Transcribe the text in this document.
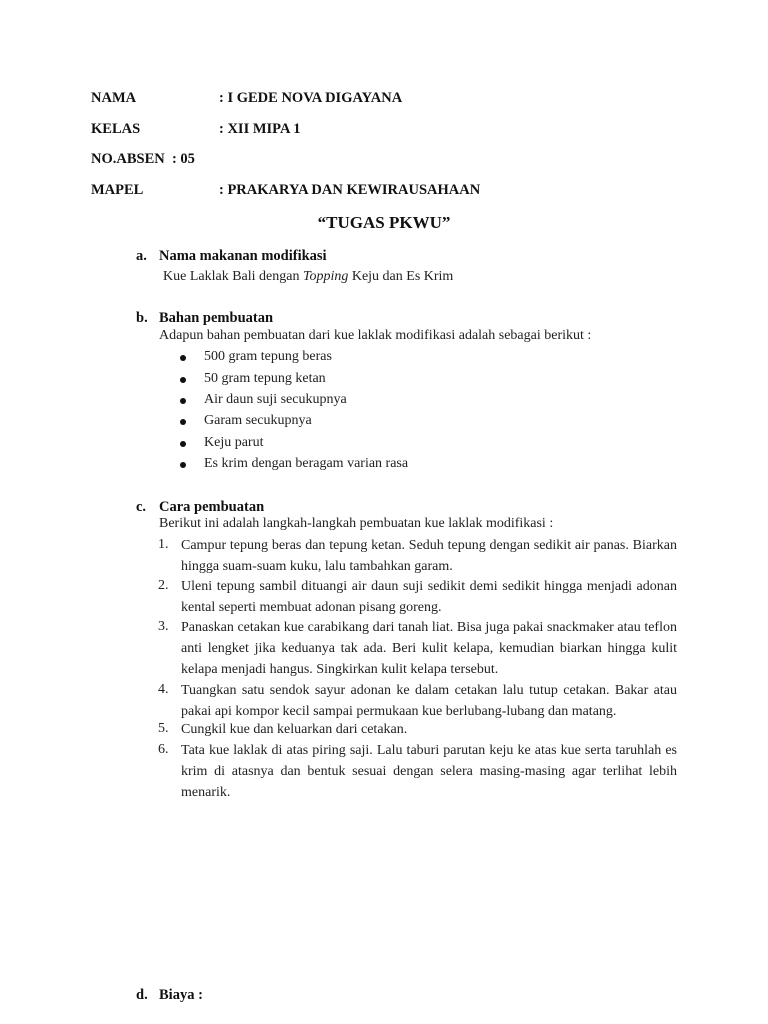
NAMA	: I GEDE NOVA DIGAYANA
KELAS	: XII MIPA 1
NO.ABSEN  : 05
MAPEL	: PRAKARYA DAN KEWIRAUSAHAAN
“TUGAS PKWU”
a. Nama makanan modifikasi
Kue Laklak Bali dengan Topping Keju dan Es Krim
b. Bahan pembuatan
Adapun bahan pembuatan dari kue laklak modifikasi adalah sebagai berikut :
500 gram tepung beras
50 gram tepung ketan
Air daun suji secukupnya
Garam secukupnya
Keju parut
Es krim dengan beragam varian rasa
c. Cara pembuatan
Berikut ini adalah langkah-langkah pembuatan kue laklak modifikasi :
1. Campur tepung beras dan tepung ketan. Seduh tepung dengan sedikit air panas. Biarkan hingga suam-suam kuku, lalu tambahkan garam.
2. Uleni tepung sambil dituangi air daun suji sedikit demi sedikit hingga menjadi adonan kental seperti membuat adonan pisang goreng.
3. Panaskan cetakan kue carabikang dari tanah liat. Bisa juga pakai snackmaker atau teflon anti lengket jika keduanya tak ada. Beri kulit kelapa, kemudian biarkan hingga kulit kelapa menjadi hangus. Singkirkan kulit kelapa tersebut.
4. Tuangkan satu sendok sayur adonan ke dalam cetakan lalu tutup cetakan. Bakar atau pakai api kompor kecil sampai permukaan kue berlubang-lubang dan matang.
5. Cungkil kue dan keluarkan dari cetakan.
6. Tata kue laklak di atas piring saji. Lalu taburi parutan keju ke atas kue serta taruhlah es krim di atasnya dan bentuk sesuai dengan selera masing-masing agar terlihat lebih menarik.
d. Biaya :
